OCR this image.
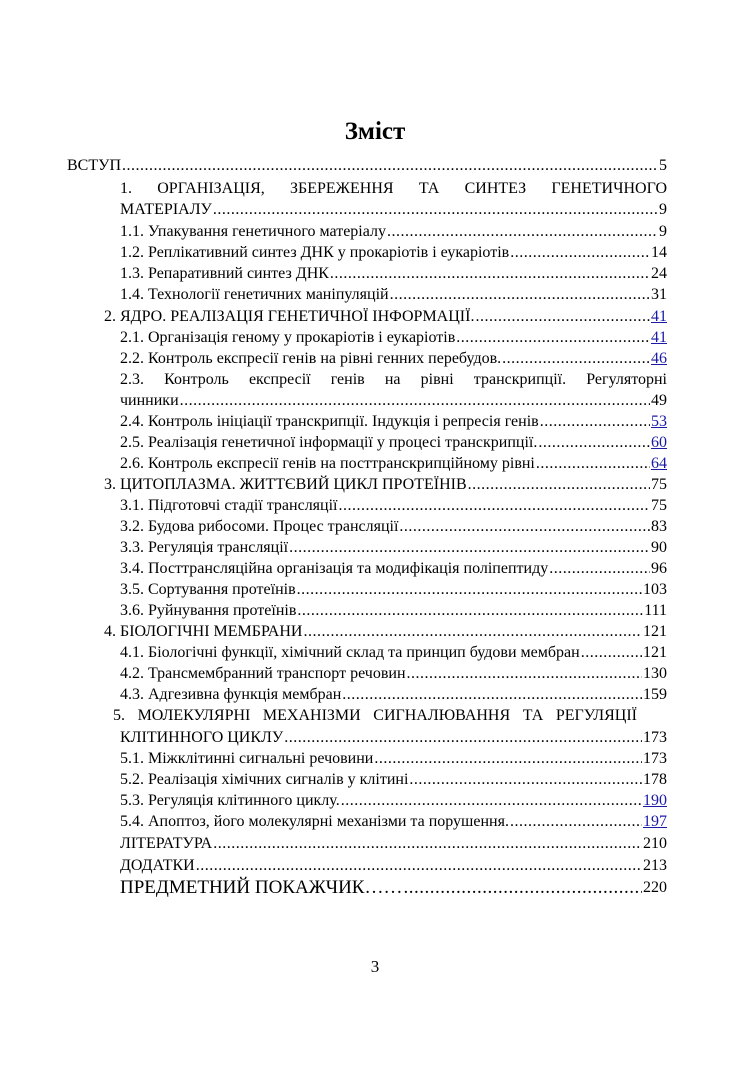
Зміст
ВСТУП .....	5
1. ОРГАНІЗАЦІЯ, ЗБЕРЕЖЕННЯ ТА СИНТЕЗ ГЕНЕТИЧНОГО
МАТЕРІАЛУ .....	9
1.1. Упакування генетичного матеріалу .....	9
1.2. Реплікативний синтез ДНК у прокаріотів і еукаріотів .....	14
1.3. Репаративний синтез ДНК .....	24
1.4. Технології генетичних маніпуляцій .....	31
2. ЯДРО. РЕАЛІЗАЦІЯ ГЕНЕТИЧНОЇ ІНФОРМАЦІЇ. .....	41
2.1. Організація геному у прокаріотів і еукаріотів .....	41
2.2. Контроль експресії генів на рівні генних перебудов. .....	46
2.3. Контроль експресії генів на рівні транскрипції. Регуляторні
чинники .....	49
2.4. Контроль ініціації транскрипції. Індукція і репресія генів .....	53
2.5. Реалізація генетичної інформації у процесі транскрипції. .....	60
2.6. Контроль експресії генів на посттранскрипційному рівні .....	64
3. ЦИТОПЛАЗМА. ЖИТТЄВИЙ ЦИКЛ ПРОТЕЇНІВ .....	75
3.1. Підготовчі стадії трансляції .....	75
3.2. Будова рибосоми. Процес трансляції .....	83
3.3. Регуляція трансляції .....	90
3.4. Посттрансляційна організація та модифікація поліпептиду .....	96
3.5. Сортування протеїнів .....	103
3.6. Руйнування протеїнів .....	111
4. БІОЛОГІЧНІ МЕМБРАНИ .....	121
4.1. Біологічні функції, хімічний склад та принцип будови мембран .....	121
4.2. Трансмембранний транспорт речовин .....	130
4.3. Адгезивна функція мембран .....	159
5. МОЛЕКУЛЯРНІ МЕХАНІЗМИ СИГНАЛЮВАННЯ ТА РЕГУЛЯЦІЇ
КЛІТИННОГО ЦИКЛУ .....	173
5.1. Міжклітинні сигнальні речовини .....	173
5.2. Реалізація хімічних сигналів у клітині .....	178
5.3. Регуляція клітинного циклу. .....	190
5.4. Апоптоз, його молекулярні механізми та порушення. .....	197
ЛІТЕРАТУРА .....	210
ДОДАТКИ .....	213
ПРЕДМЕТНИЙ ПОКАЖЧИК…… .....	220
3
